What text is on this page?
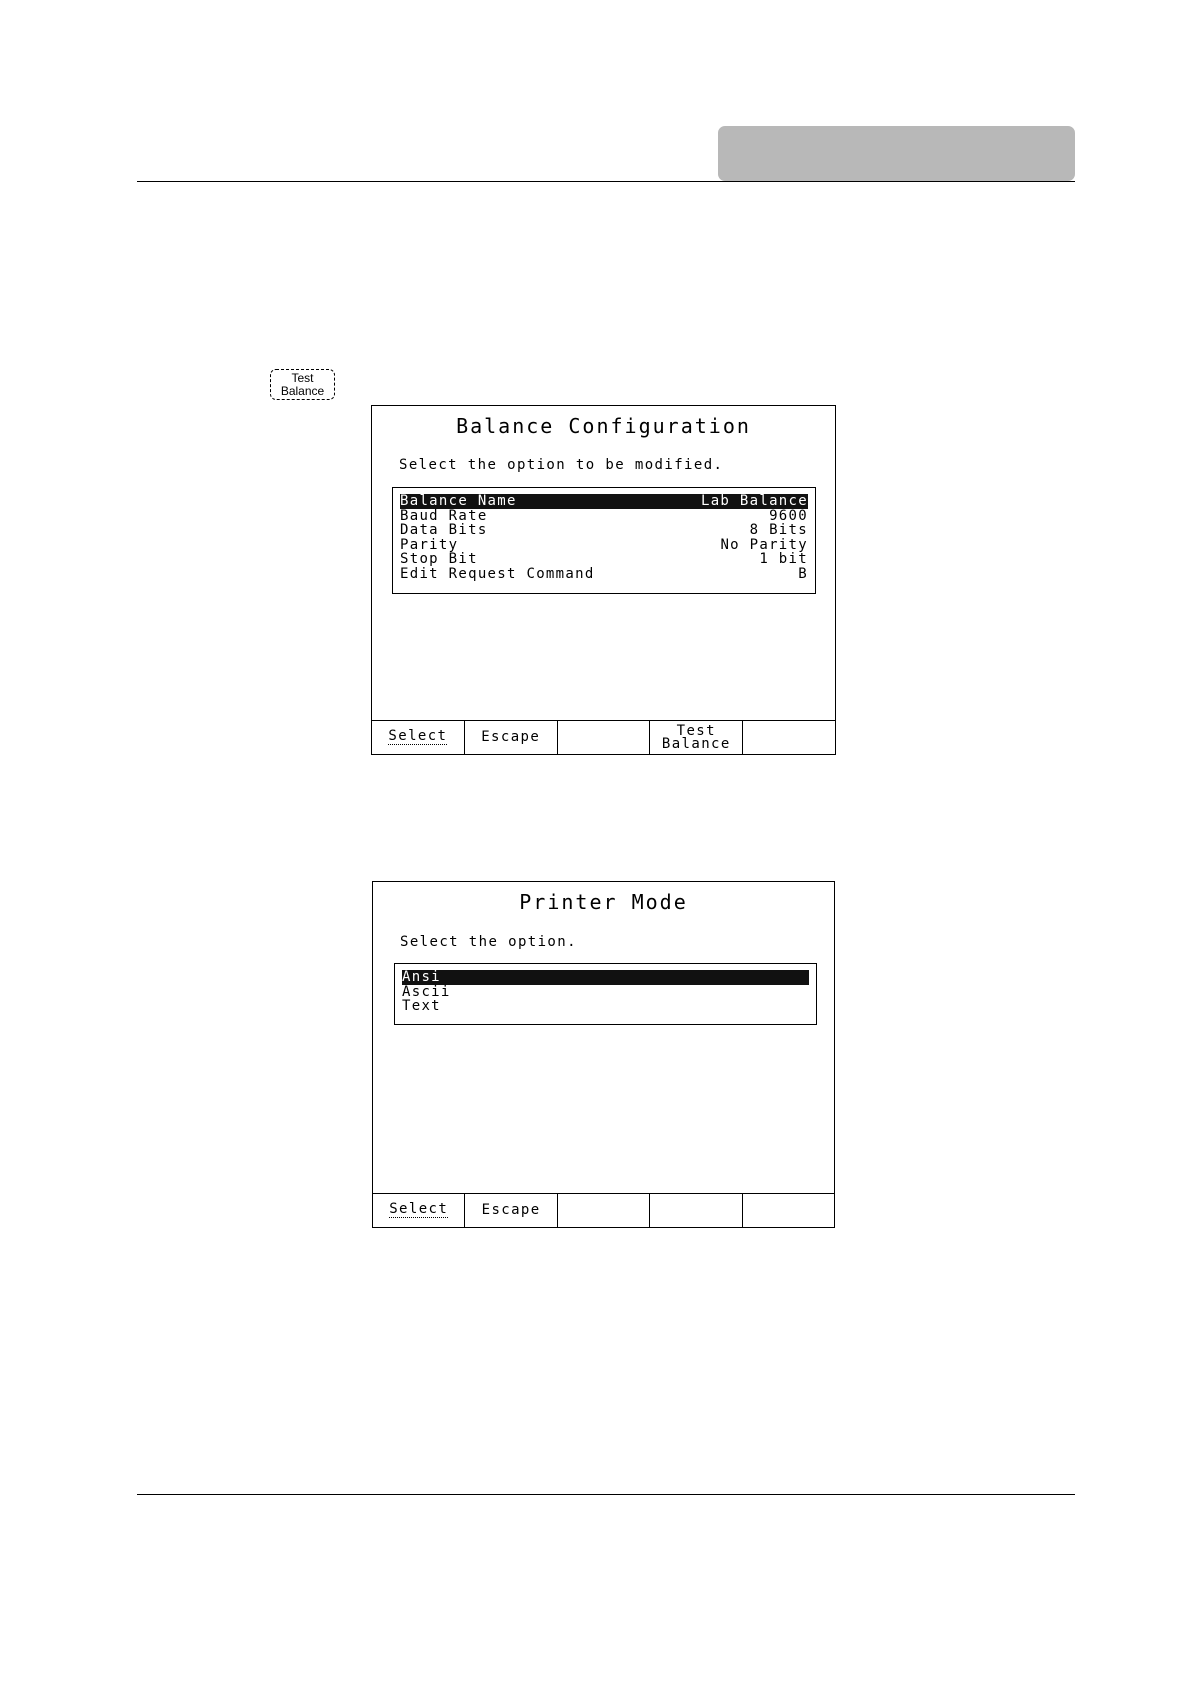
Test
Balance
Balance Configuration
Select the option to be modified.
Balance Name	Lab Balance
Baud Rate	9600
Data Bits	8 Bits
Parity	No Parity
Stop Bit	1 bit
Edit Request Command	B
Select Escape	Test
Balance
Printer Mode
Select the option.
Ansi
Ascii
Text
Select Escape
